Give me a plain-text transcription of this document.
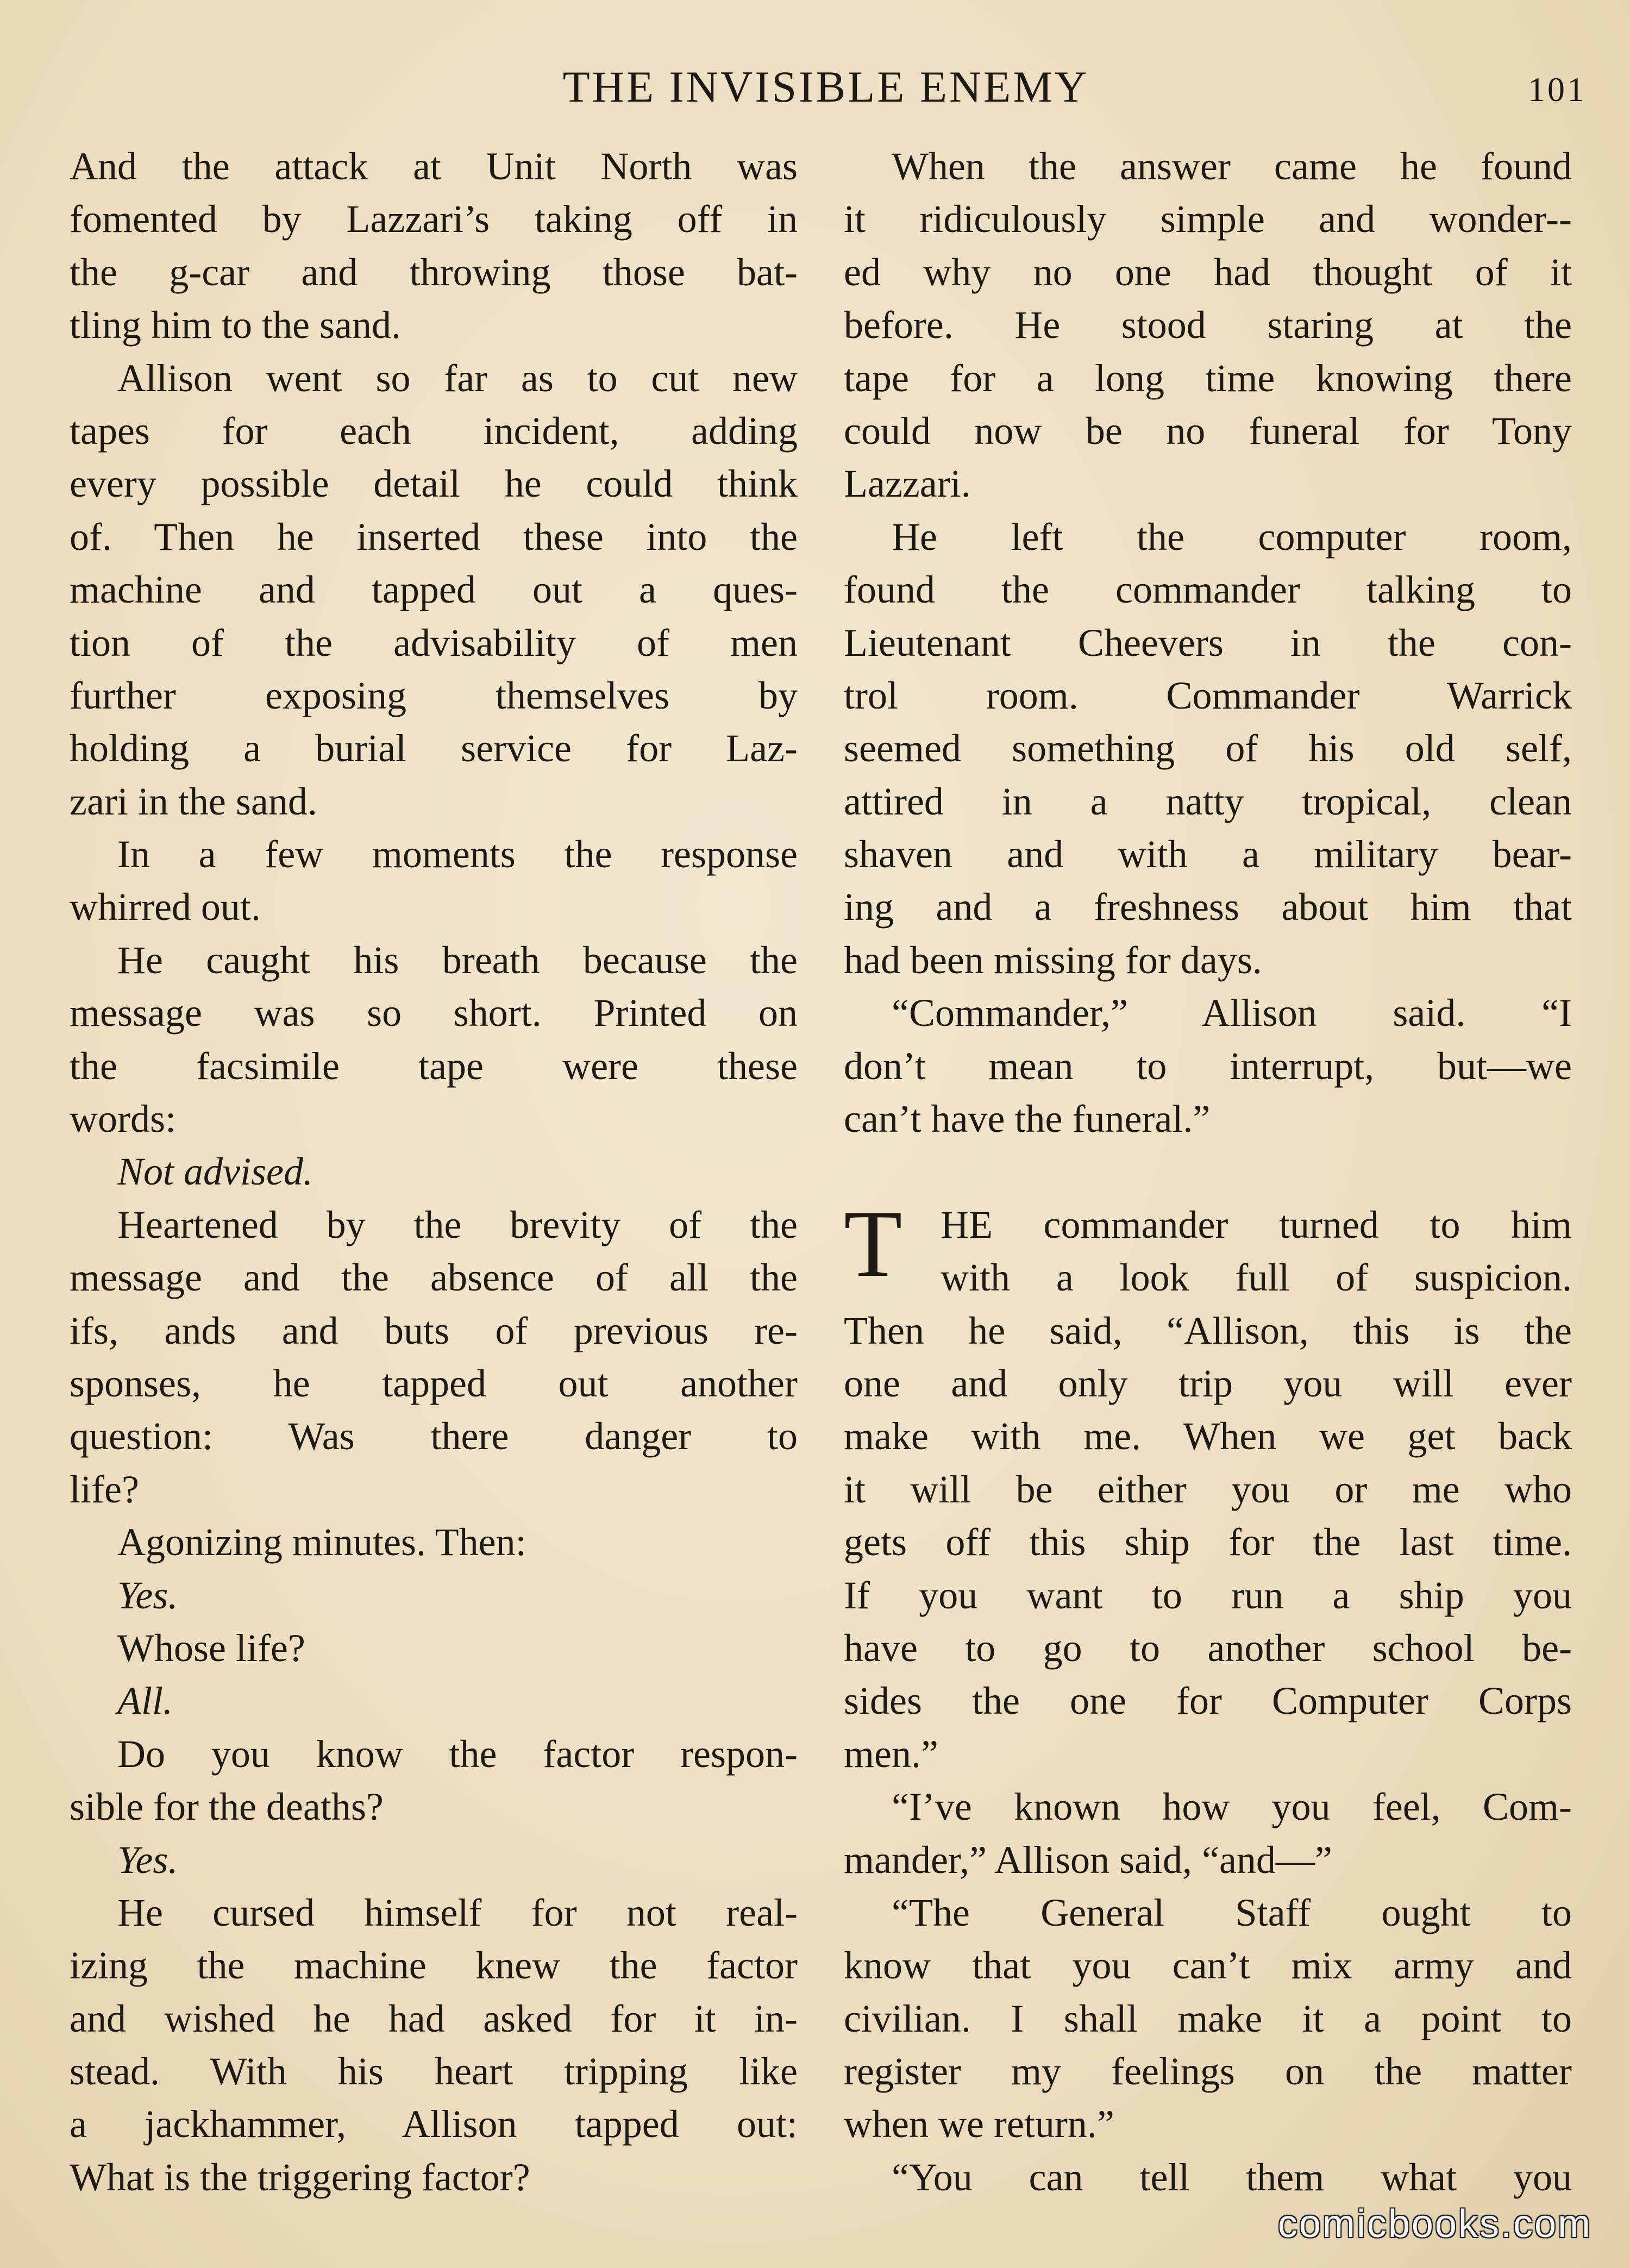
THE INVISIBLE ENEMY	101
And the attack at Unit North was
fomented by Lazzari’s taking off in
the g-car and throwing those bat-
tling him to the sand.
Allison went so far as to cut new
tapes for each incident, adding
every possible detail he could think
of. Then he inserted these into the
machine and tapped out a ques-
tion of the advisability of men
further exposing themselves by
holding a burial service for Laz-
zari in the sand.
In a few moments the response
whirred out.
He caught his breath because the
message was so short. Printed on
the facsimile tape were these
words:
Not advised.
Heartened by the brevity of the
message and the absence of all the
ifs, ands and buts of previous re-
sponses, he tapped out another
question: Was there danger to
life?
Agonizing minutes. Then:
Yes.
Whose life?
All.
Do you know the factor respon-
sible for the deaths?
Yes.
He cursed himself for not real-
izing the machine knew the factor
and wished he had asked for it in-
stead. With his heart tripping like
a jackhammer, Allison tapped out:
What is the triggering factor?
When the answer came he found
it ridiculously simple and wonder--
ed why no one had thought of it
before. He stood staring at the
tape for a long time knowing there
could now be no funeral for Tony
Lazzari.
He left the computer room,
found the commander talking to
Lieutenant Cheevers in the con-
trol room. Commander Warrick
seemed something of his old self,
attired in a natty tropical, clean
shaven and with a military bear-
ing and a freshness about him that
had been missing for days.
“Commander,” Allison said. “I
don’t mean to interrupt, but—we
can’t have the funeral.”
T HE commander turned to him
with a look full of suspicion.
Then he said, “Allison, this is the
one and only trip you will ever
make with me. When we get back
it will be either you or me who
gets off this ship for the last time.
If you want to run a ship you
have to go to another school be-
sides the one for Computer Corps
men.”
“I’ve known how you feel, Com-
mander,” Allison said, “and—”
“The General Staff ought to
know that you can’t mix army and
civilian. I shall make it a point to
register my feelings on the matter
when we return.”
“You can tell them what you
comicbooks.com
